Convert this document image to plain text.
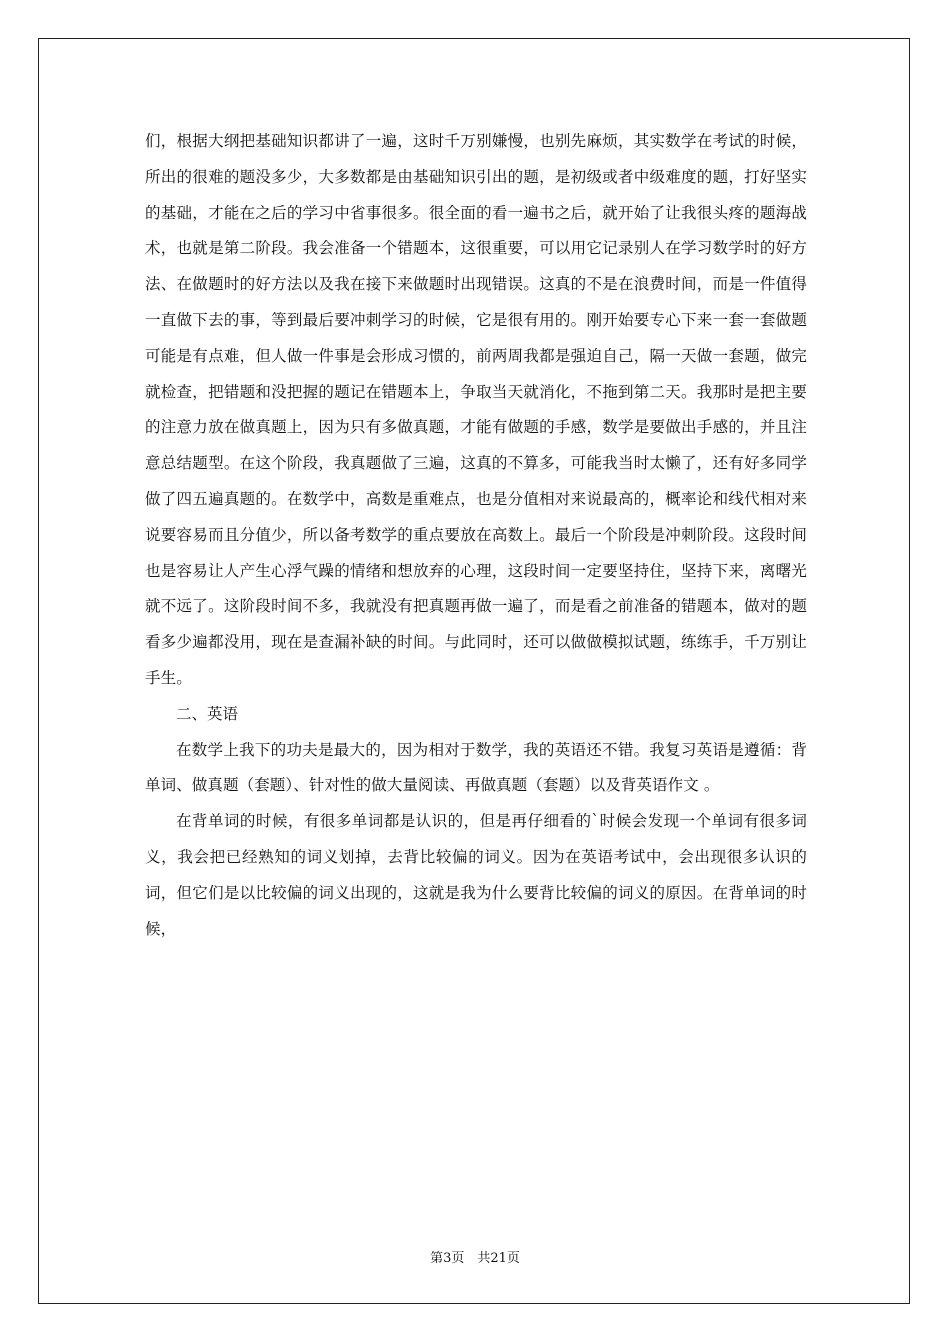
们，根据大纲把基础知识都讲了一遍，这时千万别嫌慢，也别先麻烦，其实数学在考试的时候，所出的很难的题没多少，大多数都是由基础知识引出的题，是初级或者中级难度的题，打好坚实的基础，才能在之后的学习中省事很多。很全面的看一遍书之后，就开始了让我很头疼的题海战术，也就是第二阶段。我会准备一个错题本，这很重要，可以用它记录别人在学习数学时的好方法、在做题时的好方法以及我在接下来做题时出现错误。这真的不是在浪费时间，而是一件值得一直做下去的事，等到最后要冲刺学习的时候，它是很有用的。刚开始要专心下来一套一套做题可能是有点难，但人做一件事是会形成习惯的，前两周我都是强迫自己，隔一天做一套题，做完就检查，把错题和没把握的题记在错题本上，争取当天就消化，不拖到第二天。我那时是把主要的注意力放在做真题上，因为只有多做真题，才能有做题的手感，数学是要做出手感的，并且注意总结题型。在这个阶段，我真题做了三遍，这真的不算多，可能我当时太懒了，还有好多同学做了四五遍真题的。在数学中，高数是重难点，也是分值相对来说最高的，概率论和线代相对来说要容易而且分值少，所以备考数学的重点要放在高数上。最后一个阶段是冲刺阶段。这段时间也是容易让人产生心浮气躁的情绪和想放弃的心理，这段时间一定要坚持住，坚持下来，离曙光就不远了。这阶段时间不多，我就没有把真题再做一遍了，而是看之前准备的错题本，做对的题看多少遍都没用，现在是查漏补缺的时间。与此同时，还可以做做模拟试题，练练手，千万别让手生。

二、英语

在数学上我下的功夫是最大的，因为相对于数学，我的英语还不错。我复习英语是遵循：背单词、做真题（套题）、针对性的做大量阅读、再做真题（套题）以及背英语作文 。

在背单词的时候，有很多单词都是认识的，但是再仔细看的`时候会发现一个单词有很多词义，我会把已经熟知的词义划掉，去背比较偏的词义。因为在英语考试中，会出现很多认识的词，但它们是以比较偏的词义出现的，这就是我为什么要背比较偏的词义的原因。在背单词的时候，

第3页　共21页
